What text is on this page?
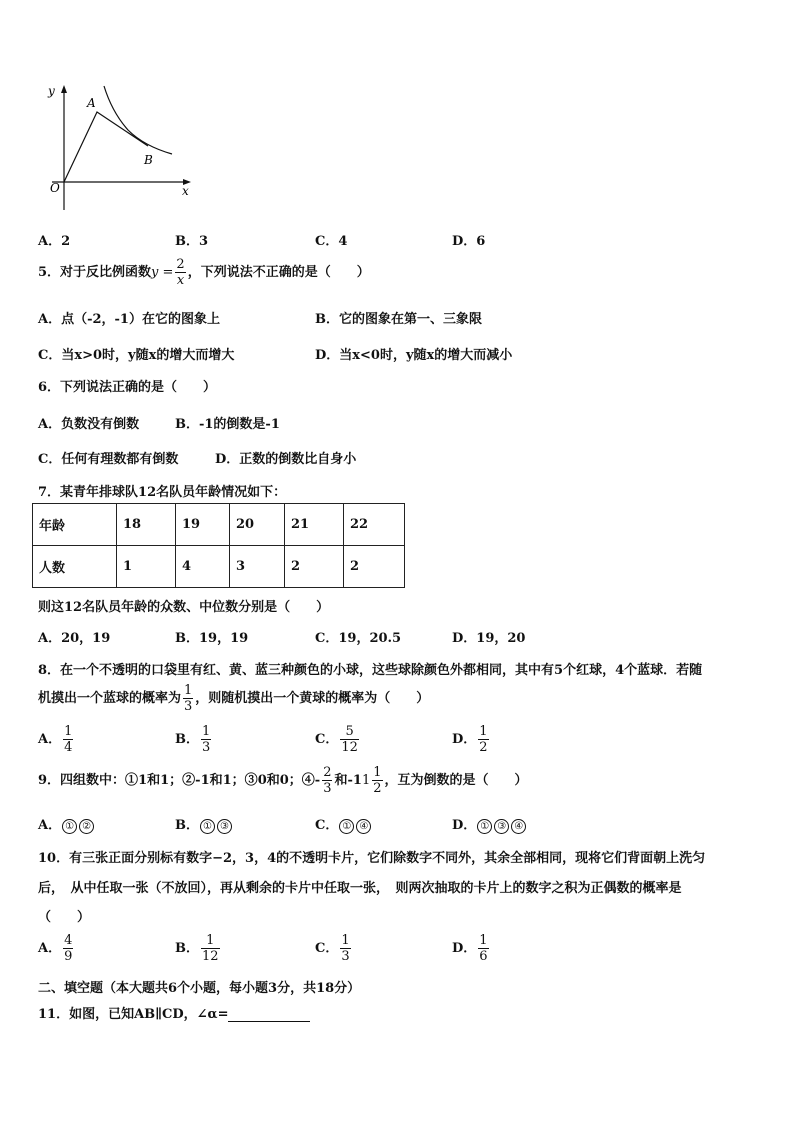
y
x
O
A
B
A．2	B．3	C．4	D．6
5．对于反比例函数$y = \frac{2}{x}$ ，下列说法不正确的是（　　）
A．点（-2，-1）在它的图象上	B．它的图象在第一、三象限
C．当x>0时，y随x的增大而增大	D．当x<0时，y随x的增大而减小
6．下列说法正确的是（　　）
A．负数没有倒数	B．-1的倒数是-1
C．任何有理数都有倒数	D．正数的倒数比自身小
7．某青年排球队12名队员年龄情况如下：
年龄	18	19	20	21	22
人数	1	4	3	2	2
则这12名队员年龄的众数、中位数分别是（　　）
A．20，19	B．19，19	C．19，20.5	D．19，20
8．在一个不透明的口袋里有红、黄、蓝三种颜色的小球，这些球除颜色外都相同，其中有5个红球，4个蓝球．若随
机摸出一个蓝球的概率为 $\frac{1}{3}$ ，则随机摸出一个黄球的概率为（　　）
A． $\frac{1}{4}$	B． $\frac{1}{3}$	C． $\frac{5}{12}$	D． $\frac{1}{2}$
9．四组数中：①1和1；②-1和1；③0和0；④- $\frac{2}{3}$ 和-1 $1 \frac{1}{2}$ ，互为倒数的是（　　）
A． ① ②	B． ① ③	C． ① ④	D． ① ③ ④
10．有三张正面分别标有数字−2，3，4的不透明卡片，它们除数字不同外，其余全部相同，现将它们背面朝上洗匀
后，　从中任取一张（不放回），再从剩余的卡片中任取一张，　则两次抽取的卡片上的数字之积为正偶数的概率是
（　　）
A． $\frac{4}{9}$	B． $\frac{1}{12}$	C． $\frac{1}{3}$	D． $\frac{1}{6}$
二、填空题（本大题共6个小题，每小题3分，共18分）
11．如图，已知AB∥CD，∠α=
